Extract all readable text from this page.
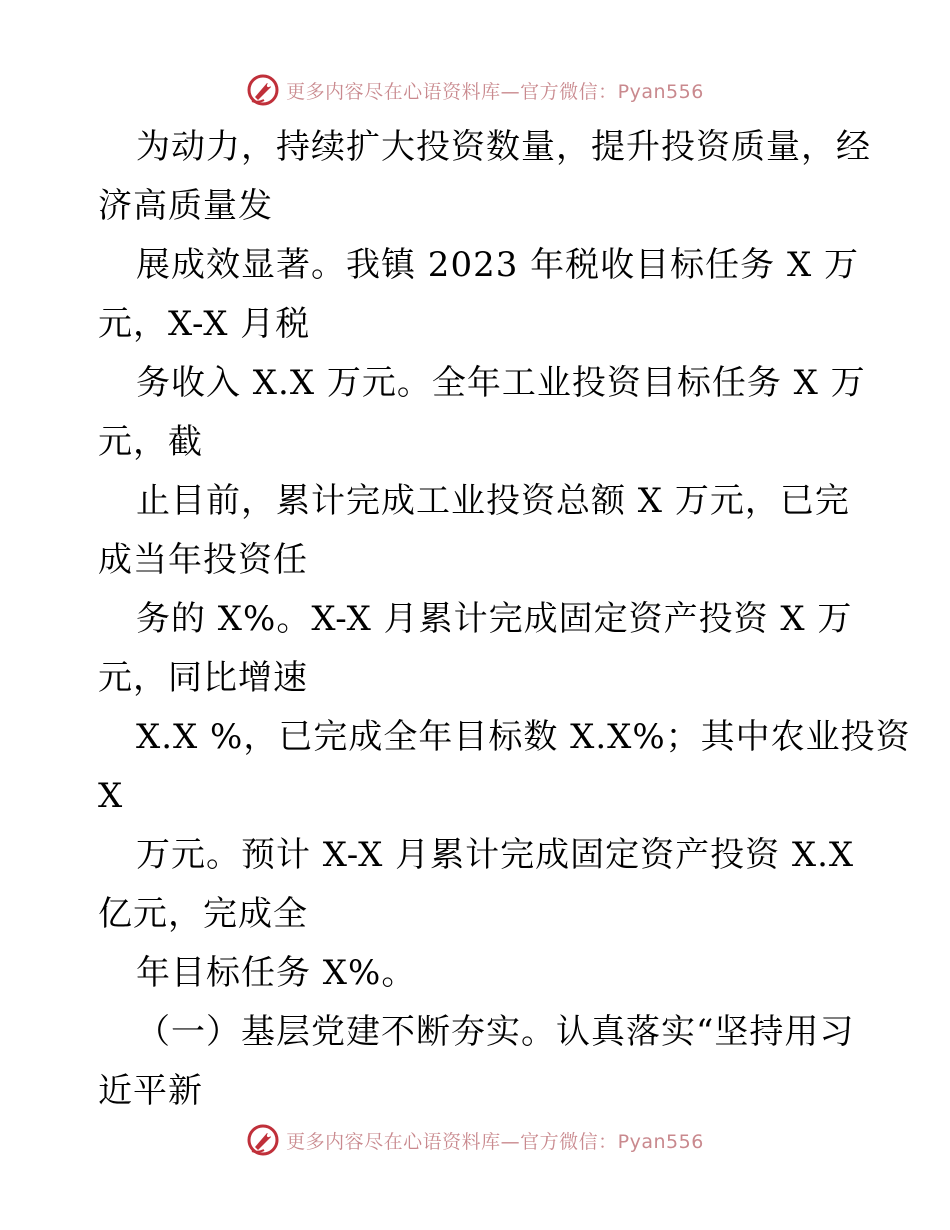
更多内容尽在心语资料库—官方微信：Pyan556
为动力，持续扩大投资数量，提升投资质量，经
济高质量发
展成效显著。我镇 2023 年税收目标任务 X 万
元，X-X 月税
务收入 X.X 万元。全年工业投资目标任务 X 万
元，截
止目前，累计完成工业投资总额 X 万元，已完
成当年投资任
务的 X%。X-X 月累计完成固定资产投资 X 万
元，同比增速
X.X %，已完成全年目标数 X.X%；其中农业投资
X
万元。预计 X-X 月累计完成固定资产投资 X.X
亿元，完成全
年目标任务 X%。
（一）基层党建不断夯实。认真落实“坚持用习
近平新
更多内容尽在心语资料库—官方微信：Pyan556
